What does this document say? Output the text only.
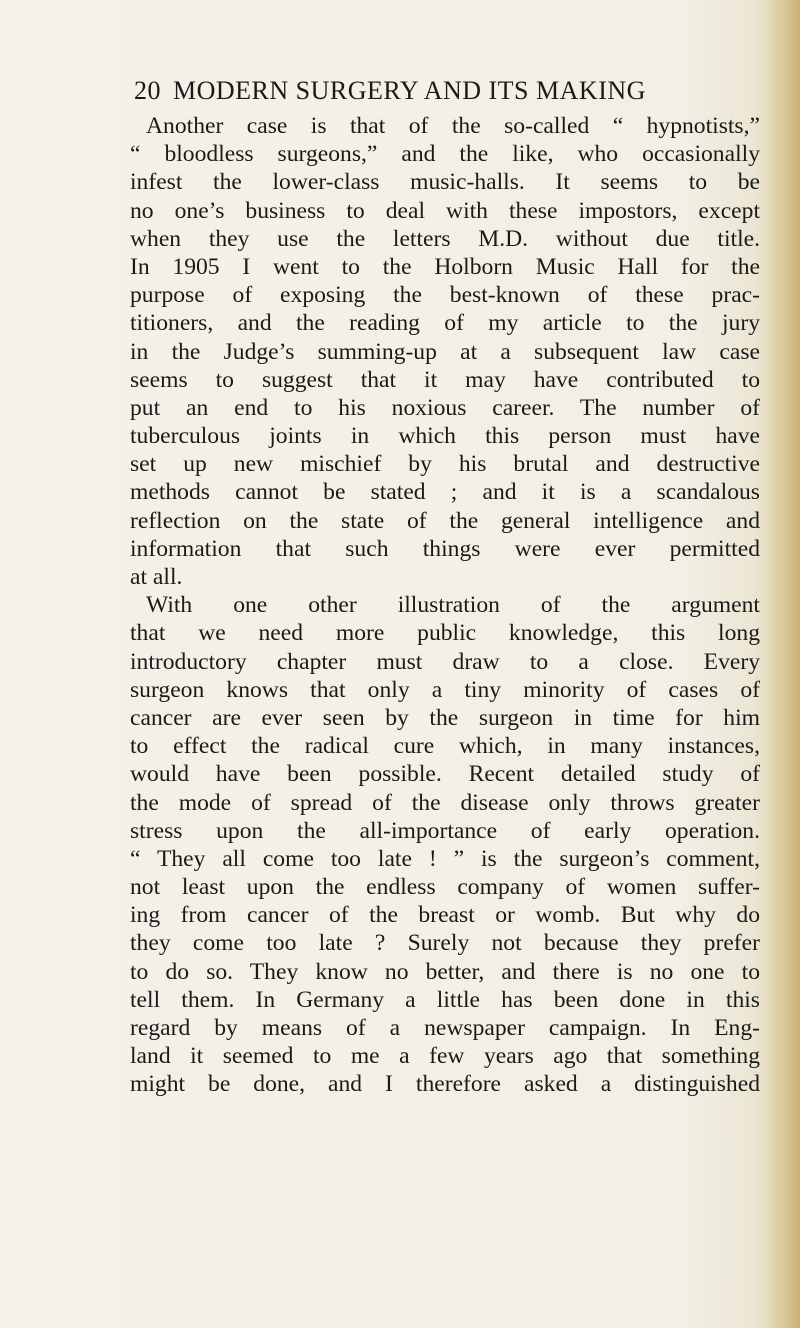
20 MODERN SURGERY AND ITS MAKING
Another case is that of the so-called “ hypnotists,”
“ bloodless surgeons,” and the like, who occasionally
infest the lower-class music-halls. It seems to be
no one’s business to deal with these impostors, except
when they use the letters M.D. without due title.
In 1905 I went to the Holborn Music Hall for the
purpose of exposing the best-known of these prac-
titioners, and the reading of my article to the jury
in the Judge’s summing-up at a subsequent law case
seems to suggest that it may have contributed to
put an end to his noxious career. The number of
tuberculous joints in which this person must have
set up new mischief by his brutal and destructive
methods cannot be stated ; and it is a scandalous
reflection on the state of the general intelligence and
information that such things were ever permitted
at all.
With one other illustration of the argument
that we need more public knowledge, this long
introductory chapter must draw to a close. Every
surgeon knows that only a tiny minority of cases of
cancer are ever seen by the surgeon in time for him
to effect the radical cure which, in many instances,
would have been possible. Recent detailed study of
the mode of spread of the disease only throws greater
stress upon the all-importance of early operation.
“ They all come too late ! ” is the surgeon’s comment,
not least upon the endless company of women suffer-
ing from cancer of the breast or womb. But why do
they come too late ? Surely not because they prefer
to do so. They know no better, and there is no one to
tell them. In Germany a little has been done in this
regard by means of a newspaper campaign. In Eng-
land it seemed to me a few years ago that something
might be done, and I therefore asked a distinguished
